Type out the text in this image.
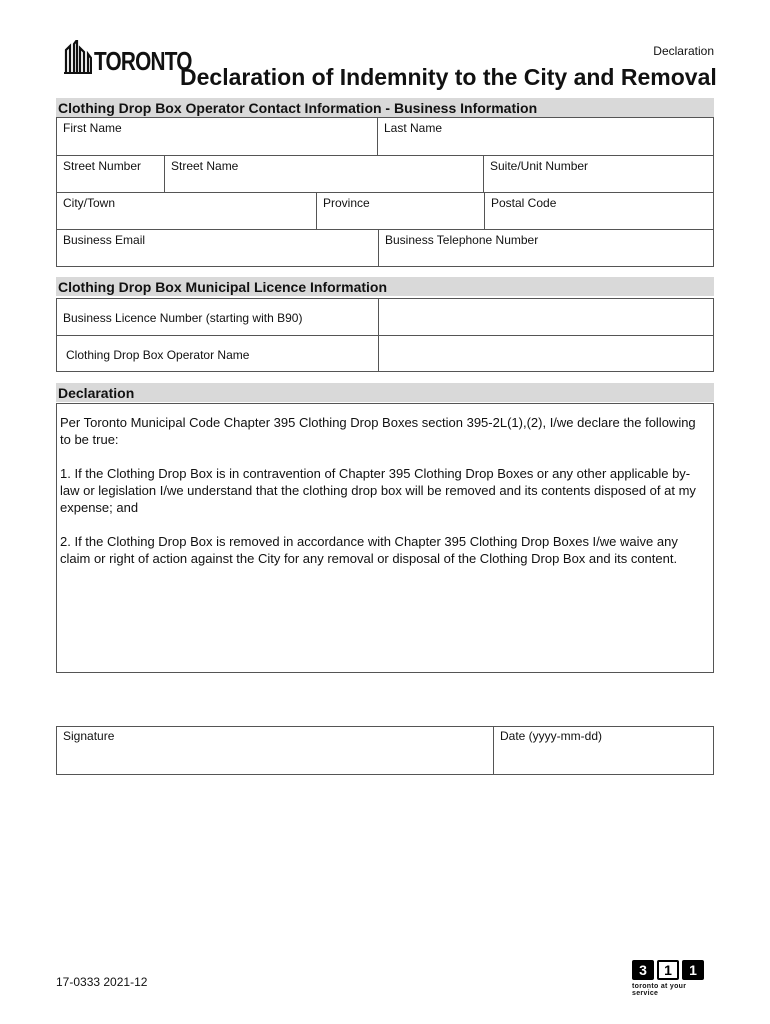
TORONTO	Declaration
Declaration of Indemnity to the City and Removal
Clothing Drop Box Operator Contact Information - Business Information
First Name	Last Name
Street Number	Street Name	Suite/Unit Number
City/Town	Province	Postal Code
Business Email	Business Telephone Number
Clothing Drop Box Municipal Licence Information
Business Licence Number (starting with B90)
Clothing Drop Box Operator Name
Declaration

Per Toronto Municipal Code Chapter 395 Clothing Drop Boxes section 395-2L(1),(2), I/we declare the following to be true:

1. If the Clothing Drop Box is in contravention of Chapter 395 Clothing Drop Boxes or any other applicable by-law or legislation I/we understand that the clothing drop box will be removed and its contents disposed of at my expense; and

2. If the Clothing Drop Box is removed in accordance with Chapter 395 Clothing Drop Boxes I/we waive any claim or right of action against the City for any removal or disposal of the Clothing Drop Box and its content.

Signature	Date (yyyy-mm-dd)
17-0333 2021-12
3	1	1
toronto at your service
